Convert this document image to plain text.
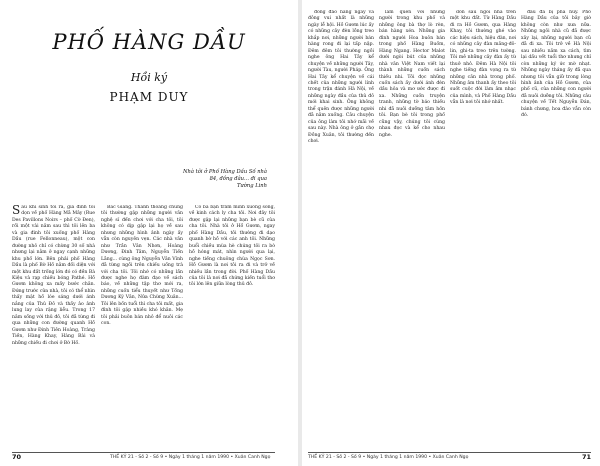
PHỐ HÀNG DẦU
Hồi ký
PHẠM DUY
Nhà tôi ở Phố Hàng Dầu Số nhà 84, đồng đâu... đi qua
Tường Linh
S au khi sinh tôi ra, gia đình tôi dọn về phố Hàng Mã Mây (Rue Des Pavillons Noirs – phố Cờ Đen), rồi một vài năm sau thì tôi lên ba và gia đình tôi xuống phố Hàng Dầu (rue Fellonneau), một con đường nhỏ chỉ có chừng 30 số nhà nhưng lại nằm ở ngay cạnh những khu phố lớn. Bên phải phố Hàng Dầu là phố Bờ Hồ nằm đối diện với một khu đất trống lớn đó có đền Bà Kiệu và rạp chiếu bóng Pathé. Hồ Gươm không xa mấy bước chân. Đứng trước cửa nhà, tôi có thể nhìn thấy mặt hồ lóe sáng dưới ánh nắng của Thủ Đô và thấy ảo ảnh lung lay của rặng liễu. Trong 17 năm sống với thủ đô, tôi đã từng đi qua những con đường quanh Hồ Gươm như Đinh Tiên Hoàng, Tràng Tiền, Hàng Khay, Hàng Bài và những chiều đi chơi ở Bờ Hồ.

Bắc Giang. Thành thoảng chúng tôi thường gặp những người văn nghệ sĩ đến chơi với cha tôi, tôi không có dịp gặp lại họ về sau nhưng những hình ảnh ngày ấy vẫn còn nguyên vẹn. Các nhà văn như Trần Văn Nhơn, Hoàng Dương, Đinh Tâm, Nguyễn Tiến Lãng... cùng ông Nguyễn Văn Vĩnh đã từng ngồi trên chiếu uống trà với cha tôi. Tôi nhớ có những lần được nghe họ đàm đạo về sách báo, về những tập thơ mới ra, những cuốn tiểu thuyết như Tống Dương Ký Văn, Nửa Chừng Xuân... Tôi lên bốn tuổi thì cha tôi mất, gia đình tôi gặp nhiều khó khăn. Mẹ tôi phải buôn bán nhỏ để nuôi các con.

Có bà bạn trầm mình xuống sông, về kinh cách ly cha tôi. Nơi đây tôi được gặp lại những bạn bè cũ của cha tôi. Nhà tôi ở Hồ Gươm, ngay phố Hàng Dầu, tôi thường đi dạo quanh bờ hồ với các anh tôi. Những buổi chiều mùa hè chúng tôi ra bờ hồ hóng mát, nhìn người qua lại, nghe tiếng chuông chùa Ngọc Sơn. Hồ Gươm là nơi tôi ra đi và trở về nhiều lần trong đời. Phố Hàng Dầu của tôi là nơi đã chứng kiến tuổi thơ tôi lớn lên giữa lòng thủ đô.

70	THẾ KỶ 21 - Số 2 - Số 9 • Ngày 1 tháng 1 năm 1990 • Xuân Canh Ngọ

đông đảo hàng ngày và đông vui nhất là những ngày lễ hội. Hồ Gươm lúc ấy có những cây đèn lồng treo khắp nơi, những người bán hàng rong đi lại tấp nập. Đêm đêm tôi thường ngồi nghe ông Hai Tây kể chuyện về những người Tây, người Tàu, người Pháp. Ông Hai Tây kể chuyện về cái chết của những người lính trong trận đánh Hà Nội, về những ngày đầu của thủ đô mới khai sinh. Ông không thể quên được những người đã nằm xuống. Câu chuyện của ông làm tôi nhớ mãi về sau này. Nhà ông ở gần chợ Đồng Xuân, tôi thường đến chơi.

làm quen với những người trong khu phố và những ông bà thợ lò rèn, bán hàng xén. Những gia đình người Hoa buôn bán trong phố Hàng Buồm, Hàng Ngang. Hector Malot dưới ngòi bút của những nhà văn Việt Nam viết lại thành những cuốn sách thiếu nhi. Tôi đọc những cuốn sách ấy dưới ánh đèn dầu hỏa và mơ ước được đi xa. Những cuốn truyện tranh, những tờ báo thiếu nhi đã nuôi dưỡng tâm hồn tôi. Bạn bè tôi trong phố cũng vậy, chúng tôi cùng nhau đọc và kể cho nhau nghe.

dồn sáu ngôi nhà trên một khu đất. Từ Hàng Dầu đi ra Hồ Gươm, qua Hàng Khay, tôi thường ghé vào các hiệu sách, hiệu đàn, nơi có những cây đàn măng-đô-lin, ghi-ta treo trên tường. Tôi mê những cây đàn ấy từ thuở nhỏ. Đêm Hà Nội tôi nghe tiếng đàn vọng ra từ những căn nhà trong phố. Những âm thanh ấy theo tôi suốt cuộc đời làm âm nhạc của mình, và Phố Hàng Dầu vẫn là nơi tôi nhớ nhất.

đầu đã bị phá hủy. Phố Hàng Dầu của tôi bây giờ không còn như xưa nữa. Những ngôi nhà cũ đã được xây lại, những người bạn cũ đã đi xa. Tôi trở về Hà Nội sau nhiều năm xa cách, tìm lại dấu vết tuổi thơ nhưng chỉ còn những ký ức mờ nhạt. Những ngày tháng ấy đã qua nhưng tôi vẫn giữ trong lòng hình ảnh của Hồ Gươm, của phố cũ, của những con người đã nuôi dưỡng tôi. Những câu chuyện về Tết Nguyễn Đán, bánh chưng, hoa đào vẫn còn đó.

THẾ KỶ 21 - Số 2 - Số 9 • Ngày 1 tháng 1 năm 1990 • Xuân Canh Ngọ	71
